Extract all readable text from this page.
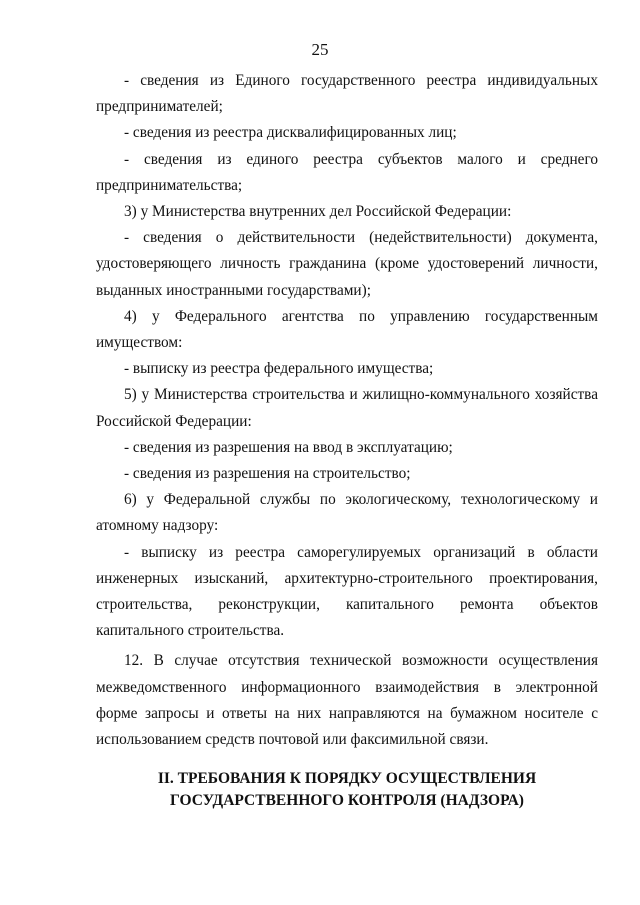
25

- сведения из Единого государственного реестра индивидуальных предпринимателей;

- сведения из реестра дисквалифицированных лиц;

- сведения из единого реестра субъектов малого и среднего предпринимательства;

3) у Министерства внутренних дел Российской Федерации:

- сведения о действительности (недействительности) документа, удостоверяющего личность гражданина (кроме удостоверений личности, выданных иностранными государствами);

4) у Федерального агентства по управлению государственным имуществом:

- выписку из реестра федерального имущества;

5) у Министерства строительства и жилищно-коммунального хозяйства Российской Федерации:

- сведения из разрешения на ввод в эксплуатацию;

- сведения из разрешения на строительство;

6) у Федеральной службы по экологическому, технологическому и атомному надзору:

- выписку из реестра саморегулируемых организаций в области инженерных изысканий, архитектурно-строительного проектирования, строительства, реконструкции, капитального ремонта объектов капитального строительства.

12. В случае отсутствия технической возможности осуществления межведомственного информационного взаимодействия в электронной форме запросы и ответы на них направляются на бумажном носителе с использованием средств почтовой или факсимильной связи.

II. ТРЕБОВАНИЯ К ПОРЯДКУ ОСУЩЕСТВЛЕНИЯ
ГОСУДАРСТВЕННОГО КОНТРОЛЯ (НАДЗОРА)
